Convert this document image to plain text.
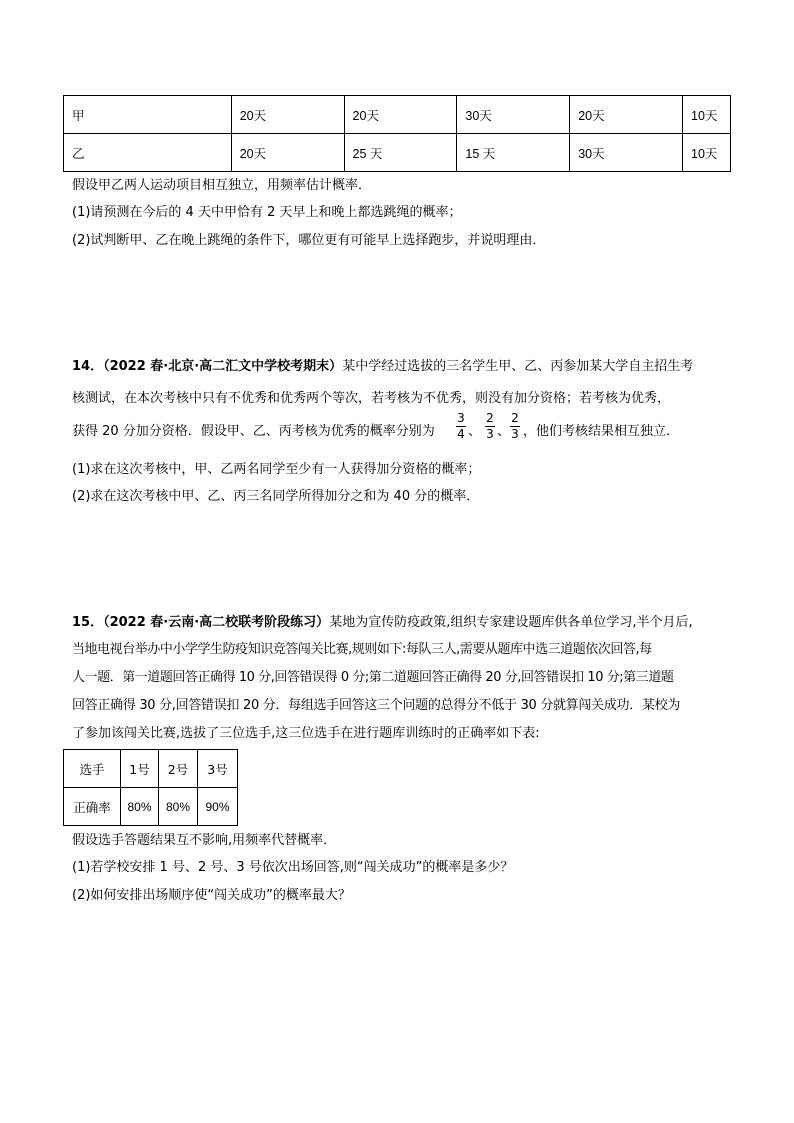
甲	20天	20天	30天	20天	10天
乙	20天	25 天	15 天	30天	10天
假设甲乙两人运动项目相互独立，用频率估计概率．
(1)请预测在今后的 4 天中甲恰有 2 天早上和晚上都选跳绳的概率；
(2)试判断甲、乙在晚上跳绳的条件下，哪位更有可能早上选择跑步，并说明理由．
14．（2022 春·北京·高二汇文中学校考期末）某中学经过选拔的三名学生甲、乙、丙参加某大学自主招生考
核测试，在本次考核中只有不优秀和优秀两个等次，若考核为不优秀，则没有加分资格；若考核为优秀，
获得 20 分加分资格．假设甲、乙、丙考核为优秀的概率分别为
3
4 、
2
3 、
2
3 ，他们考核结果相互独立．
(1)求在这次考核中，甲、乙两名同学至少有一人获得加分资格的概率；
(2)求在这次考核中甲、乙、丙三名同学所得加分之和为 40 分的概率．
15．（2022 春·云南·高二校联考阶段练习）某地为宣传防疫政策,组织专家建设题库供各单位学习,半个月后,
当地电视台举办中小学学生防疫知识竞答闯关比赛,规则如下:每队三人,需要从题库中选三道题依次回答,每
人一题．第一道题回答正确得 10 分,回答错误得 0 分;第二道题回答正确得 20 分,回答错误扣 10 分;第三道题
回答正确得 30 分,回答错误扣 20 分．每组选手回答这三个问题的总得分不低于 30 分就算闯关成功．某校为
了参加该闯关比赛,选拔了三位选手,这三位选手在进行题库训练时的正确率如下表:
选手	1号	2号	3号
正确率	80%	80%	90%
假设选手答题结果互不影响,用频率代替概率．
(1)若学校安排 1 号、2 号、3 号依次出场回答,则“闯关成功”的概率是多少？
(2)如何安排出场顺序使“闯关成功”的概率最大？
